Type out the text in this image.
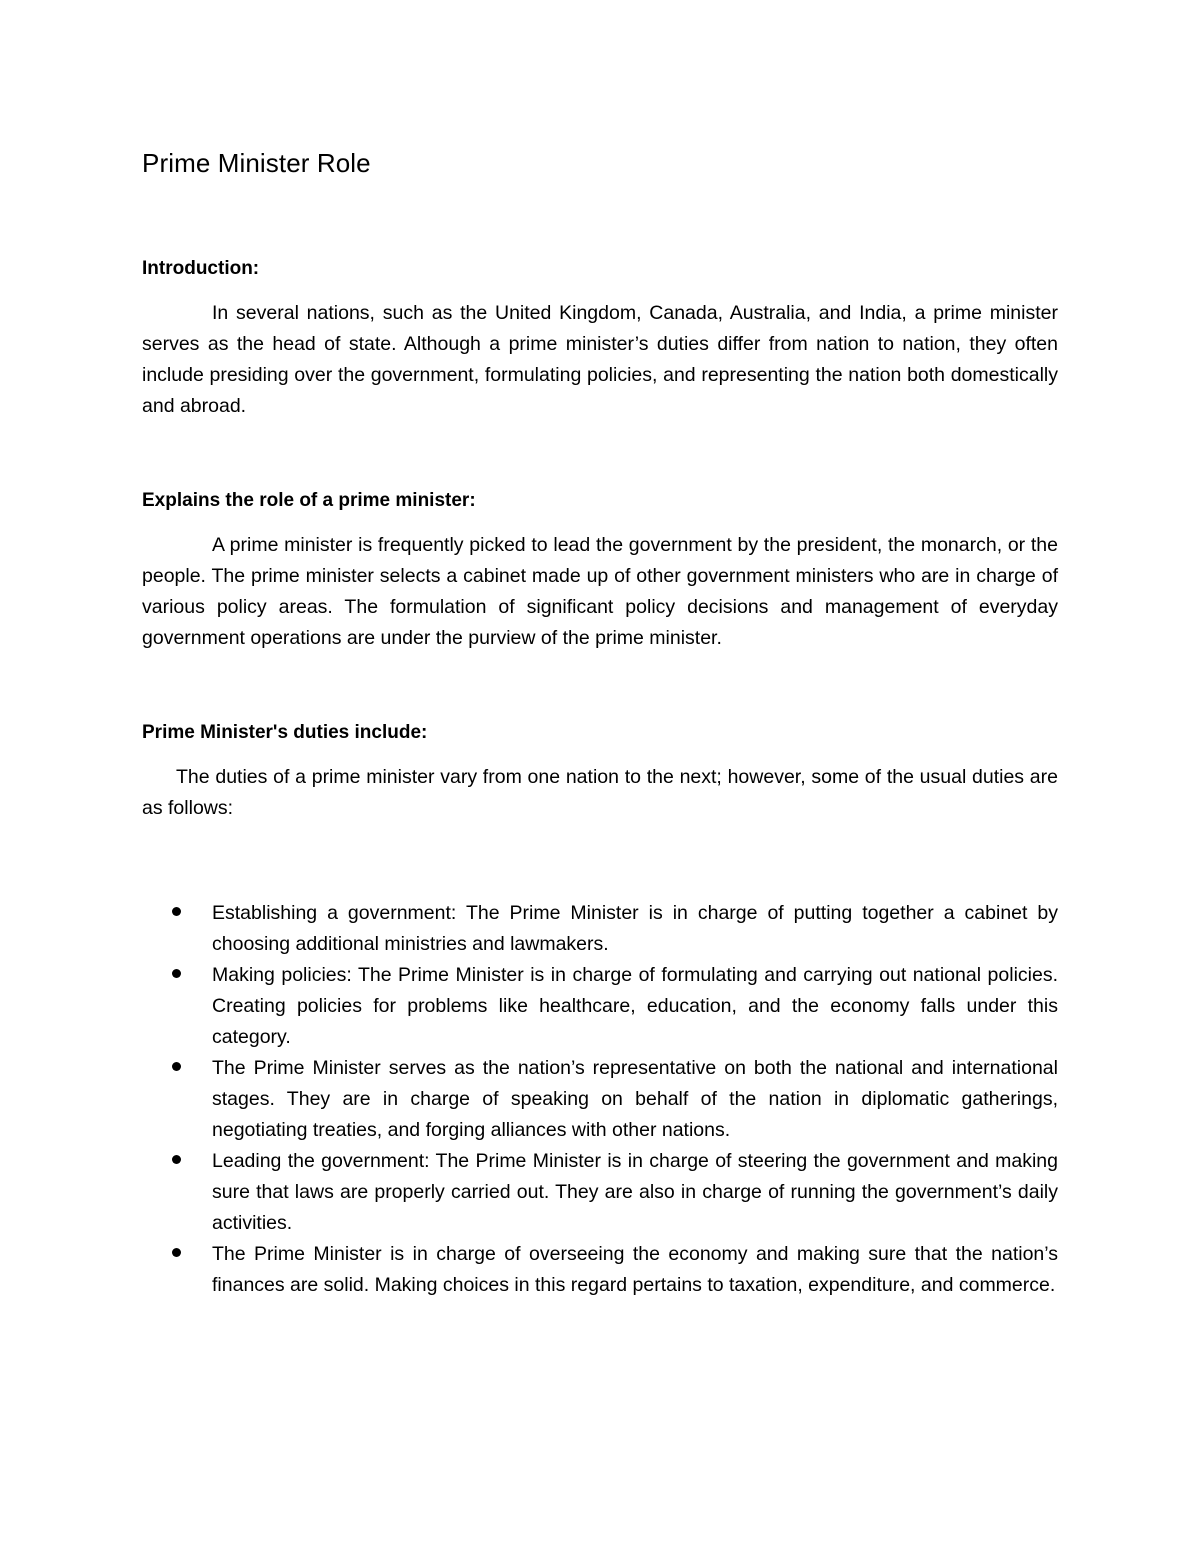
Prime Minister Role
Introduction:

In several nations, such as the United Kingdom, Canada, Australia, and India, a prime minister serves as the head of state. Although a prime minister’s duties differ from nation to nation, they often include presiding over the government, formulating policies, and representing the nation both domestically and abroad.

Explains the role of a prime minister:

A prime minister is frequently picked to lead the government by the president, the monarch, or the people. The prime minister selects a cabinet made up of other government ministers who are in charge of various policy areas. The formulation of significant policy decisions and management of everyday government operations are under the purview of the prime minister.

Prime Minister's duties include:

The duties of a prime minister vary from one nation to the next; however, some of the usual duties are as follows:

Establishing a government: The Prime Minister is in charge of putting together a cabinet by choosing additional ministries and lawmakers.
Making policies: The Prime Minister is in charge of formulating and carrying out national policies. Creating policies for problems like healthcare, education, and the economy falls under this category.
The Prime Minister serves as the nation’s representative on both the national and international stages. They are in charge of speaking on behalf of the nation in diplomatic gatherings, negotiating treaties, and forging alliances with other nations.
Leading the government: The Prime Minister is in charge of steering the government and making sure that laws are properly carried out. They are also in charge of running the government’s daily activities.
The Prime Minister is in charge of overseeing the economy and making sure that the nation’s finances are solid. Making choices in this regard pertains to taxation, expenditure, and commerce.
